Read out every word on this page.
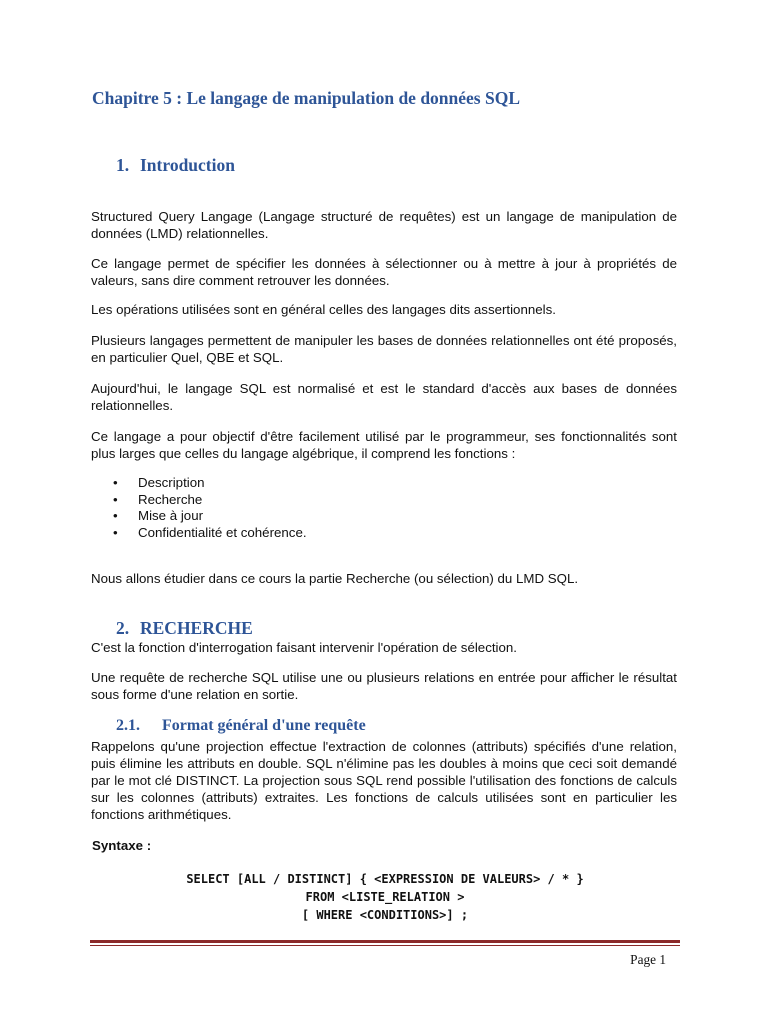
Chapitre 5 : Le langage de manipulation de données SQL
1. Introduction

Structured Query Langage (Langage structuré de requêtes) est un langage de manipulation de données (LMD) relationnelles.

Ce langage permet de spécifier les données à sélectionner ou à mettre à jour à propriétés de valeurs, sans dire comment retrouver les données.

Les opérations utilisées sont en général celles des langages dits assertionnels.

Plusieurs langages permettent de manipuler les bases de données relationnelles ont été proposés, en particulier Quel, QBE et SQL.

Aujourd'hui, le langage SQL est normalisé et est le standard d'accès aux bases de données relationnelles.

Ce langage a pour objectif d'être facilement utilisé par le programmeur, ses fonctionnalités sont plus larges que celles du langage algébrique, il comprend les fonctions :

• Description
• Recherche
• Mise à jour
• Confidentialité et cohérence.

Nous allons étudier dans ce cours la partie Recherche (ou sélection) du LMD SQL.

2. RECHERCHE

C'est la fonction d'interrogation faisant intervenir l'opération de sélection.

Une requête de recherche SQL utilise une ou plusieurs relations en entrée pour afficher le résultat sous forme d'une relation en sortie.

2.1. Format général d'une requête

Rappelons qu'une projection effectue l'extraction de colonnes (attributs) spécifiés d'une relation, puis élimine les attributs en double. SQL n'élimine pas les doubles à moins que ceci soit demandé par le mot clé DISTINCT. La projection sous SQL rend possible l'utilisation des fonctions de calculs sur les colonnes (attributs) extraites. Les fonctions de calculs utilisées sont en particulier les fonctions arithmétiques.

Syntaxe :

SELECT [ALL / DISTINCT] { <EXPRESSION DE VALEURS> / * }

FROM <LISTE_RELATION >

[ WHERE <CONDITIONS>] ;

Page 1
